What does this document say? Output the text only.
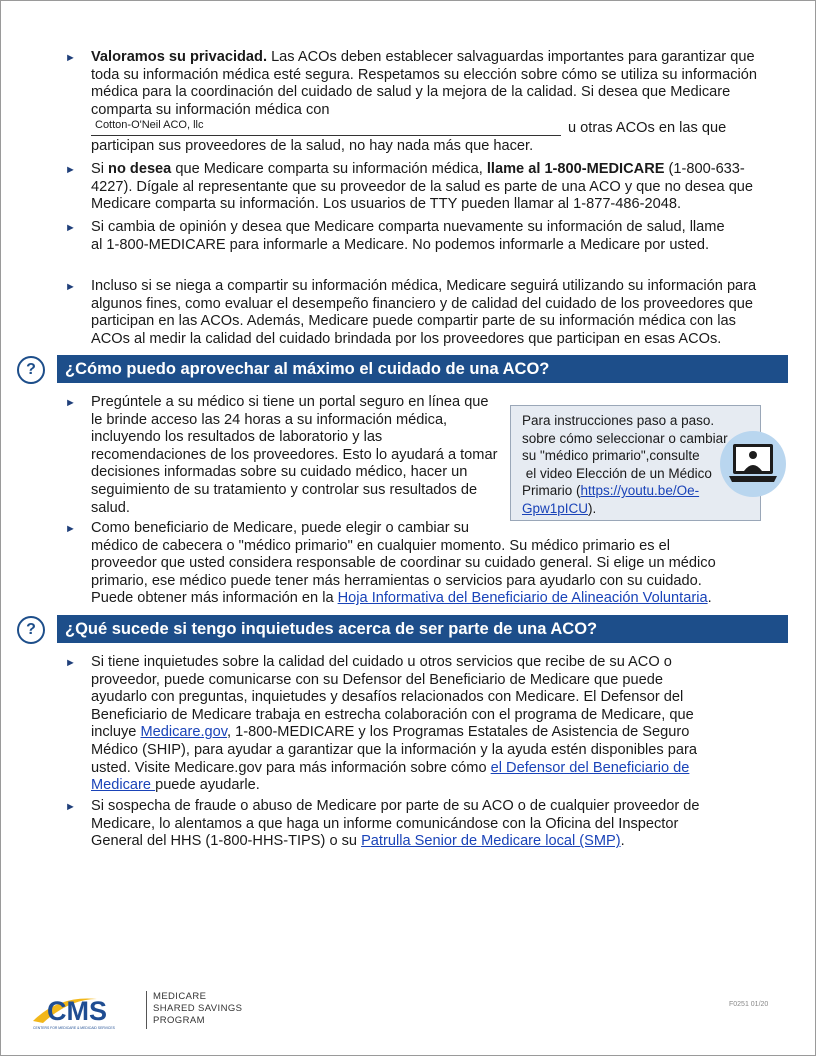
► Valoramos su privacidad. Las ACOs deben establecer salvaguardas importantes para garantizar que toda su información médica esté segura. Respetamos su elección sobre cómo se utiliza su información médica para la coordinación del cuidado de salud y la mejora de la calidad. Si desea que Medicare comparta su información médica con
Cotton-O'Neil ACO, llc	u otras ACOs en las que
participan sus proveedores de la salud, no hay nada más que hacer.
► Si no desea que Medicare comparta su información médica, llame al 1-800-MEDICARE (1-800-633-4227). Dígale al representante que su proveedor de la salud es parte de una ACO y que no desea que Medicare comparta su información. Los usuarios de TTY pueden llamar al 1-877-486-2048.
► Si cambia de opinión y desea que Medicare comparta nuevamente su información de salud, llame al 1-800-MEDICARE para informarle a Medicare. No podemos informarle a Medicare por usted.
► Incluso si se niega a compartir su información médica, Medicare seguirá utilizando su información para algunos fines, como evaluar el desempeño financiero y de calidad del cuidado de los proveedores que participan en las ACOs. Además, Medicare puede compartir parte de su información médica con las ACOs al medir la calidad del cuidado brindada por los proveedores que participan en esas ACOs.
?	¿Cómo puedo aprovechar al máximo el cuidado de una ACO?
► Pregúntele a su médico si tiene un portal seguro en línea que
le brinde acceso las 24 horas a su información médica,
incluyendo los resultados de laboratorio y las
recomendaciones de los proveedores. Esto lo ayudará a tomar
decisiones informadas sobre su cuidado médico, hacer un
seguimiento de su tratamiento y controlar sus resultados de
salud.
Para instrucciones paso a paso.
sobre cómo seleccionar o cambiar
su "médico primario",consulte
el video Elección de un Médico
Primario (https://youtu.be/Oe-
Gpw1pICU).
► Como beneficiario de Medicare, puede elegir o cambiar su
médico de cabecera o "médico primario" en cualquier momento. Su médico primario es el
proveedor que usted considera responsable de coordinar su cuidado general. Si elige un médico
primario, ese médico puede tener más herramientas o servicios para ayudarlo con su cuidado.
Puede obtener más información en la Hoja Informativa del Beneficiario de Alineación Voluntaria.
?	¿Qué sucede si tengo inquietudes acerca de ser parte de una ACO?
► Si tiene inquietudes sobre la calidad del cuidado u otros servicios que recibe de su ACO o
proveedor, puede comunicarse con su Defensor del Beneficiario de Medicare que puede
ayudarlo con preguntas, inquietudes y desafíos relacionados con Medicare. El Defensor del
Beneficiario de Medicare trabaja en estrecha colaboración con el programa de Medicare, que
incluye Medicare.gov, 1-800-MEDICARE y los Programas Estatales de Asistencia de Seguro
Médico (SHIP), para ayudar a garantizar que la información y la ayuda estén disponibles para
usted. Visite Medicare.gov para más información sobre cómo el Defensor del Beneficiario de
Medicare puede ayudarle.
► Si sospecha de fraude o abuso de Medicare por parte de su ACO o de cualquier proveedor de
Medicare, lo alentamos a que haga un informe comunicándose con la Oficina del Inspector
General del HHS (1-800-HHS-TIPS) o su Patrulla Senior de Medicare local (SMP).
CMS
CENTERS FOR MEDICARE & MEDICAID SERVICES
MEDICARE
SHARED SAVINGS
PROGRAM
F0251 01/20
